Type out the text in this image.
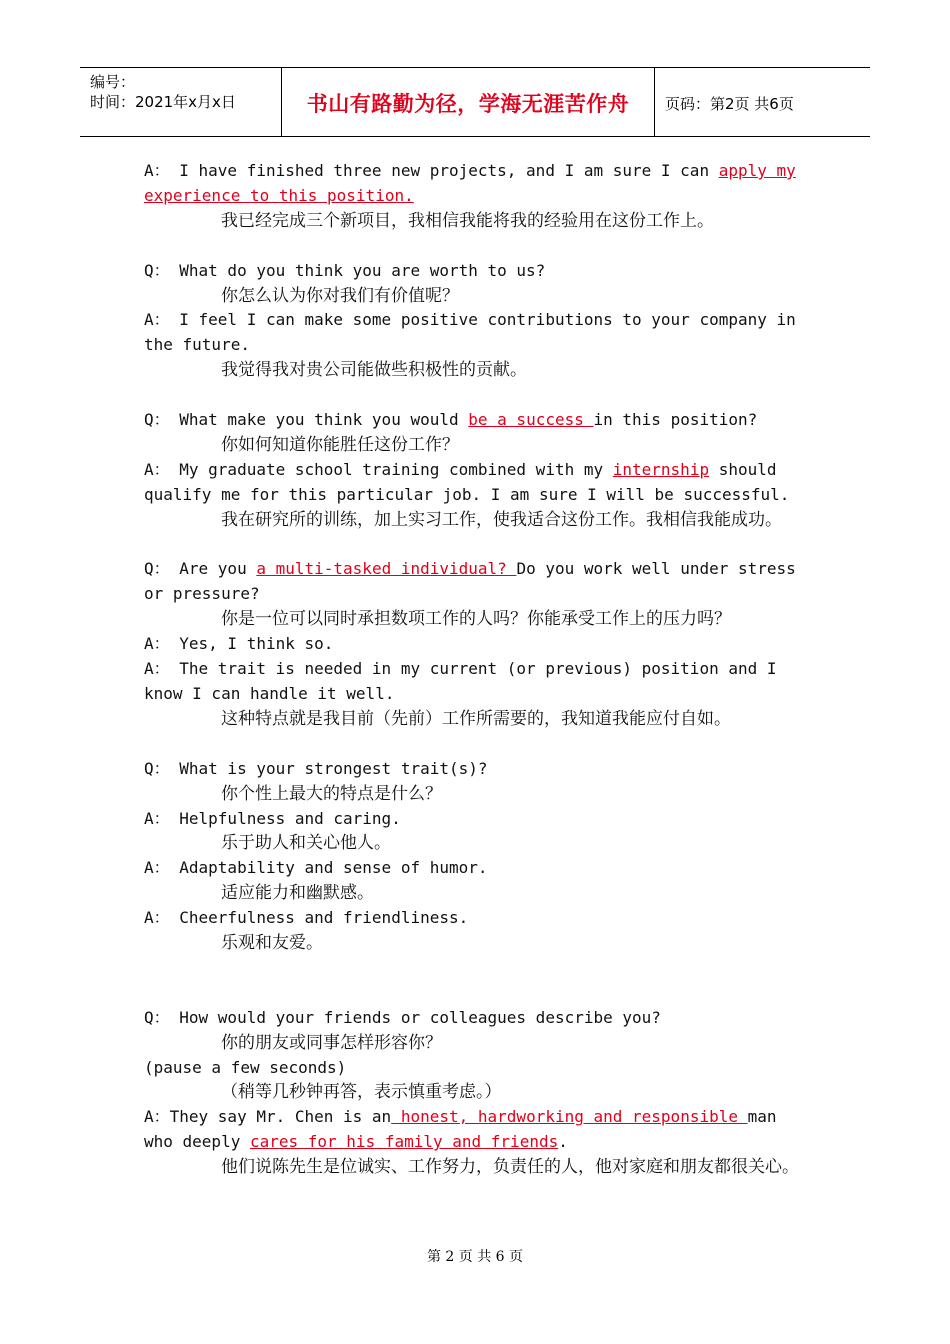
编号：
时间：2021年x月x日	书山有路勤为径，学海无涯苦作舟	页码：第2页 共6页

A： I have finished three new projects, and I am sure I can apply my experience to this position.

我已经完成三个新项目，我相信我能将我的经验用在这份工作上。

Q： What do you think you are worth to us?

你怎么认为你对我们有价值呢？

A： I feel I can make some positive contributions to your company in the future.

我觉得我对贵公司能做些积极性的贡献。

Q： What make you think you would be a success in this position?

你如何知道你能胜任这份工作？

A： My graduate school training combined with my internship should qualify me for this particular job. I am sure I will be successful.

我在研究所的训练，加上实习工作，使我适合这份工作。我相信我能成功。

Q： Are you a multi-tasked individual? Do you work well under stress or pressure?

你是一位可以同时承担数项工作的人吗？你能承受工作上的压力吗？

A： Yes, I think so.

A： The trait is needed in my current (or previous) position and I know I can handle it well.

这种特点就是我目前（先前）工作所需要的，我知道我能应付自如。

Q： What is your strongest trait(s)?

你个性上最大的特点是什么？

A： Helpfulness and caring.

乐于助人和关心他人。

A： Adaptability and sense of humor.

适应能力和幽默感。

A： Cheerfulness and friendliness.

乐观和友爱。

Q： How would your friends or colleagues describe you?

你的朋友或同事怎样形容你？

(pause a few seconds)

（稍等几秒钟再答，表示慎重考虑。）

A：They say Mr. Chen is an honest, hardworking and responsible man who deeply cares for his family and friends.

他们说陈先生是位诚实、工作努力，负责任的人，他对家庭和朋友都很关心。

第 2 页 共 6 页
